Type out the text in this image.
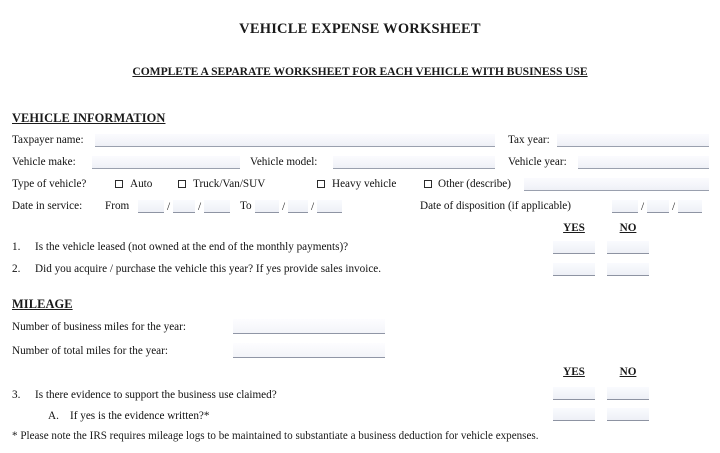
VEHICLE EXPENSE WORKSHEET
COMPLETE A SEPARATE WORKSHEET FOR EACH VEHICLE WITH BUSINESS USE
VEHICLE INFORMATION
Taxpayer name:	Tax year:
Vehicle make:	Vehicle model:	Vehicle year:
Type of vehicle?	Auto	Truck/Van/SUV	Heavy vehicle	Other (describe)
Date in service: From	/ /	To	/ /	Date of disposition (if applicable)	/ /
YES	NO
1. Is the vehicle leased (not owned at the end of the monthly payments)?
2. Did you acquire / purchase the vehicle this year? If yes provide sales invoice.
MILEAGE
Number of business miles for the year:
Number of total miles for the year:
YES	NO
3. Is there evidence to support the business use claimed?
A. If yes is the evidence written?*
* Please note the IRS requires mileage logs to be maintained to substantiate a business deduction for vehicle expenses.
